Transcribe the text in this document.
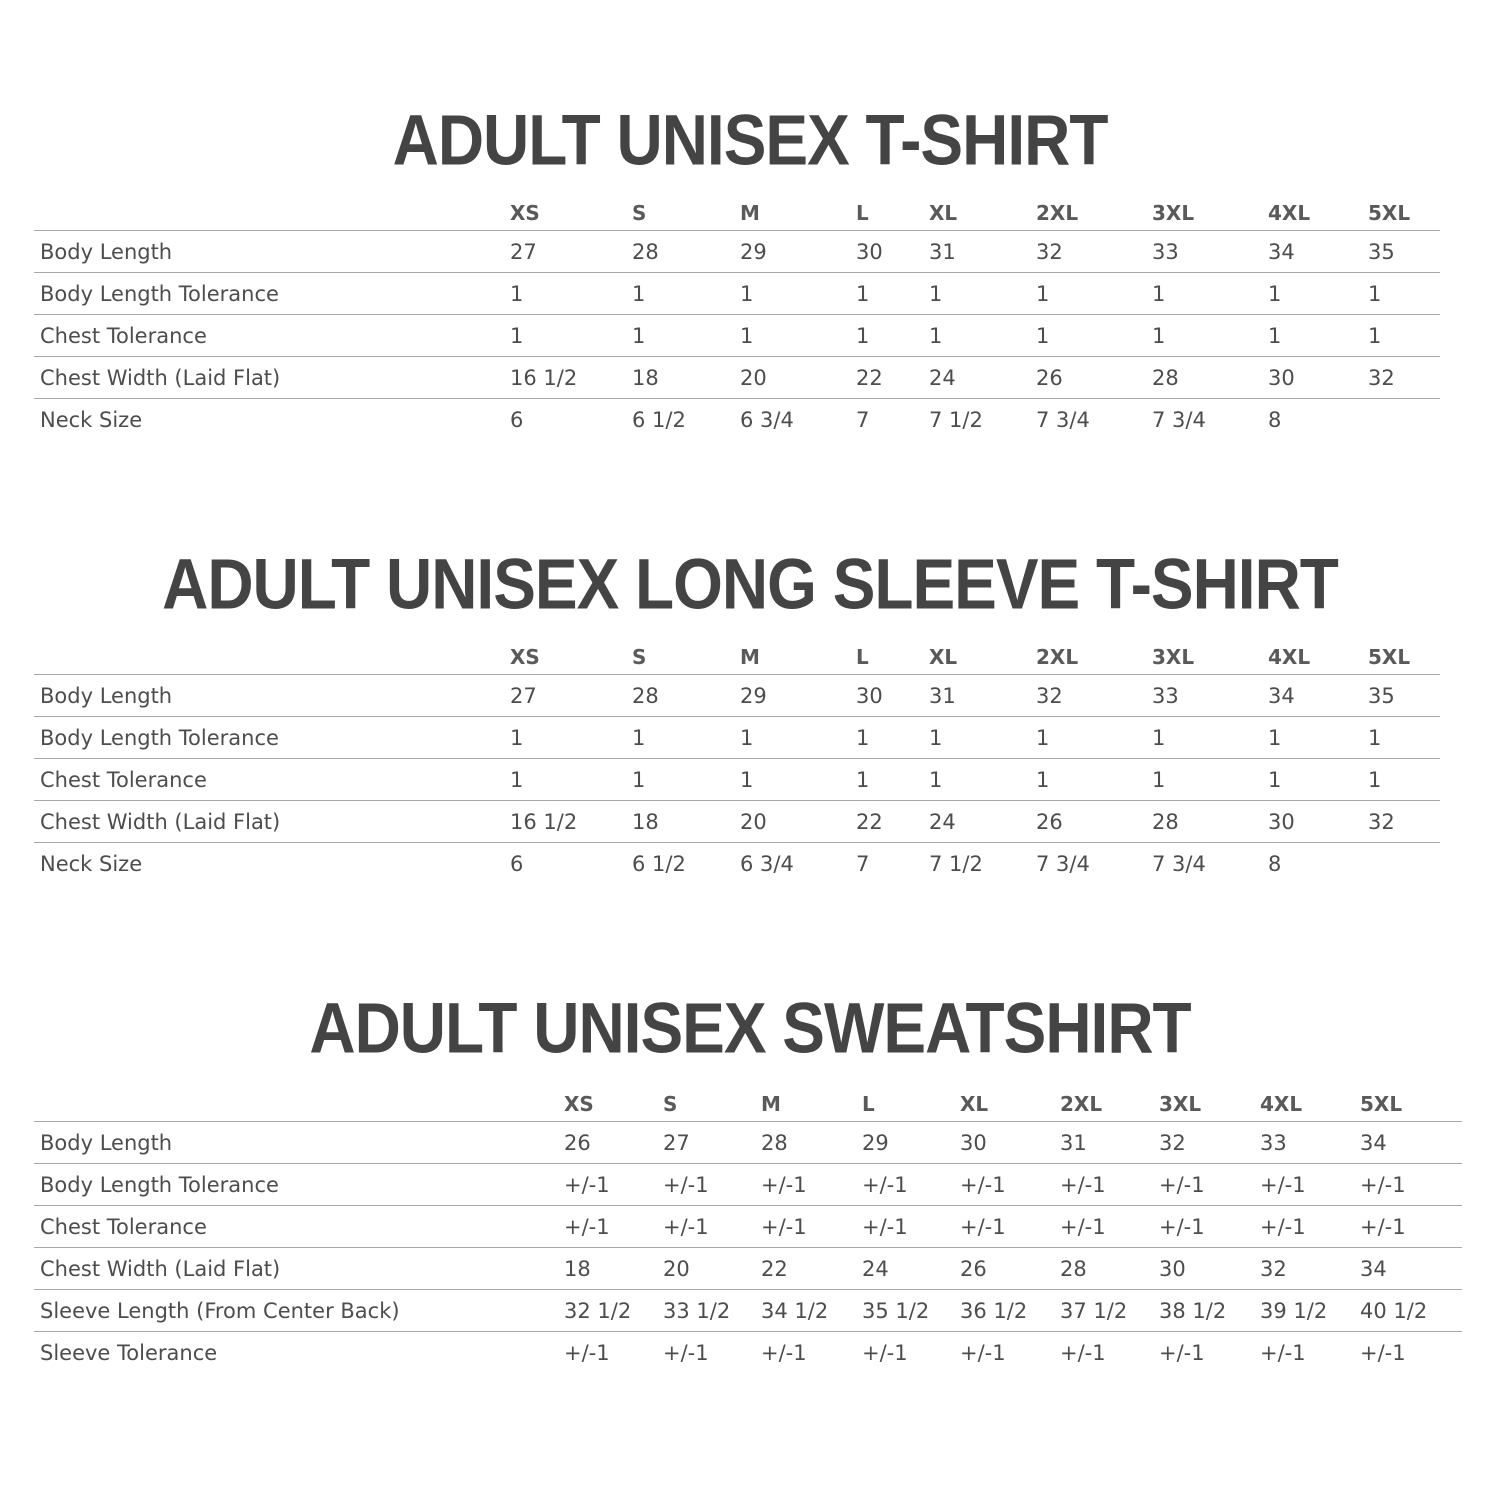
ADULT UNISEX T-SHIRT
	XS	S	M	L	XL	2XL	3XL	4XL	5XL
Body Length	27	28	29	30	31	32	33	34	35
Body Length Tolerance	1	1	1	1	1	1	1	1	1
Chest Tolerance	1	1	1	1	1	1	1	1	1
Chest Width (Laid Flat)	16 1/2	18	20	22	24	26	28	30	32
Neck Size	6	6 1/2	6 3/4	7	7 1/2	7 3/4	7 3/4	8	
ADULT UNISEX LONG SLEEVE T-SHIRT
	XS	S	M	L	XL	2XL	3XL	4XL	5XL
Body Length	27	28	29	30	31	32	33	34	35
Body Length Tolerance	1	1	1	1	1	1	1	1	1
Chest Tolerance	1	1	1	1	1	1	1	1	1
Chest Width (Laid Flat)	16 1/2	18	20	22	24	26	28	30	32
Neck Size	6	6 1/2	6 3/4	7	7 1/2	7 3/4	7 3/4	8	
ADULT UNISEX SWEATSHIRT
	XS	S	M	L	XL	2XL	3XL	4XL	5XL
Body Length	26	27	28	29	30	31	32	33	34
Body Length Tolerance	+/-1	+/-1	+/-1	+/-1	+/-1	+/-1	+/-1	+/-1	+/-1
Chest Tolerance	+/-1	+/-1	+/-1	+/-1	+/-1	+/-1	+/-1	+/-1	+/-1
Chest Width (Laid Flat)	18	20	22	24	26	28	30	32	34
Sleeve Length (From Center Back)	32 1/2	33 1/2	34 1/2	35 1/2	36 1/2	37 1/2	38 1/2	39 1/2	40 1/2
Sleeve Tolerance	+/-1	+/-1	+/-1	+/-1	+/-1	+/-1	+/-1	+/-1	+/-1
